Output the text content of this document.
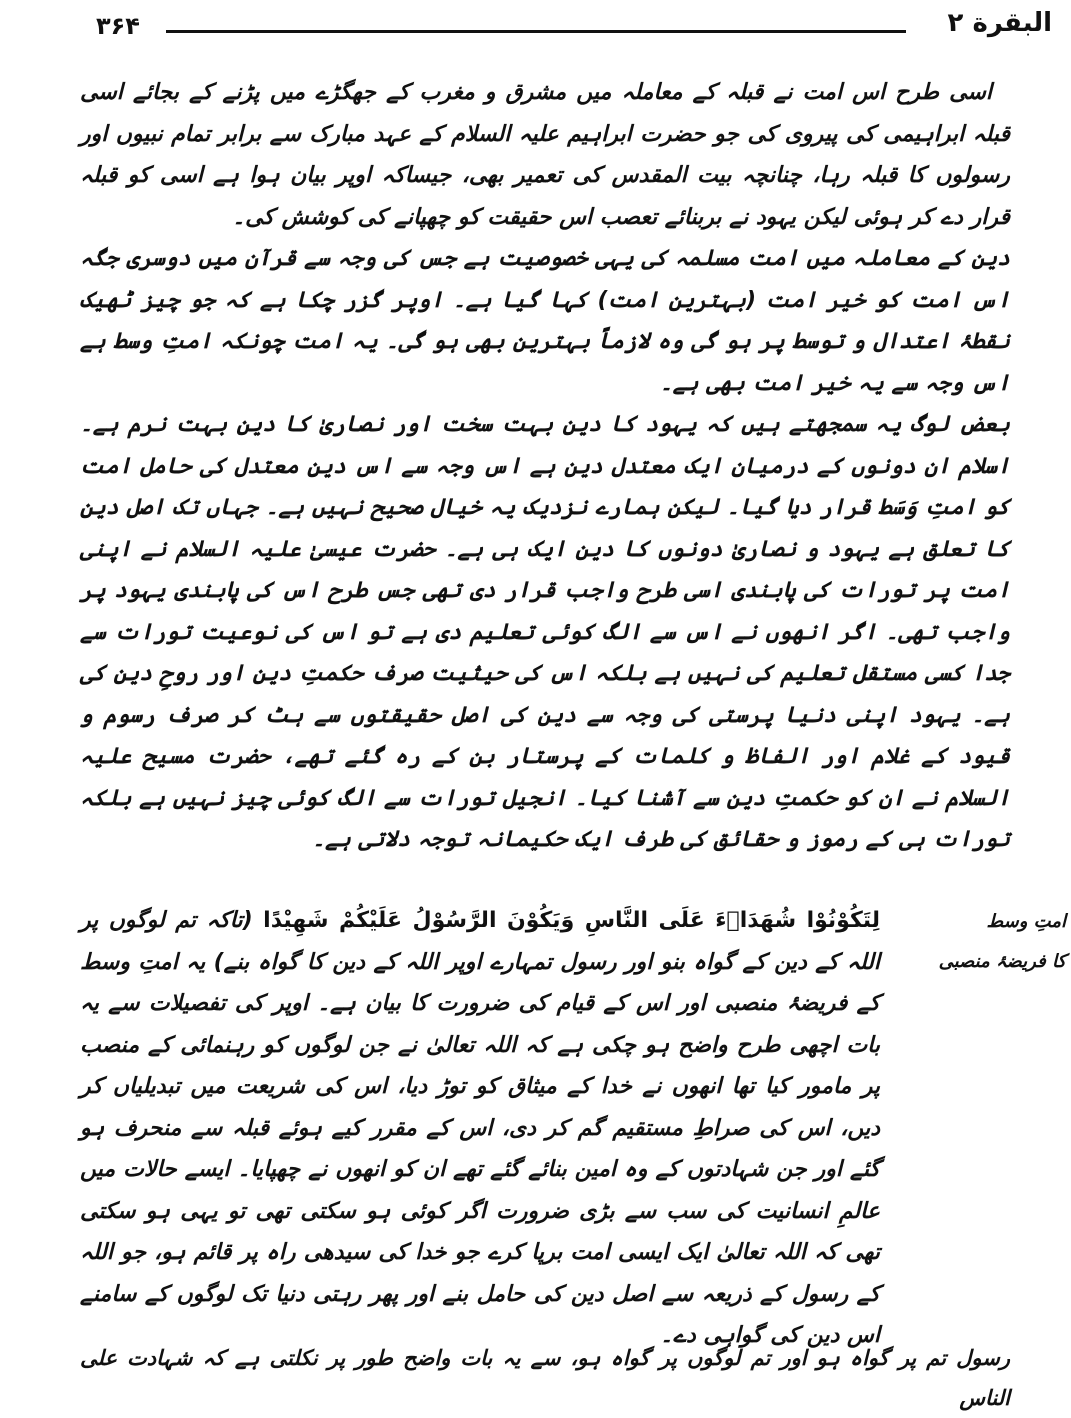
۳۶۴	البقرة ۲

اسی طرح اس امت نے قبلہ کے معاملہ میں مشرق و مغرب کے جھگڑے میں پڑنے کے بجائے اسی قبلہ ابراہیمی کی پیروی کی جو حضرت ابراہیم علیہ السلام کے عہد مبارک سے برابر تمام نبیوں اور رسولوں کا قبلہ رہا، چنانچہ بیت المقدس کی تعمیر بھی، جیساکہ اوپر بیان ہوا ہے اسی کو قبلہ قرار دے کر ہوئی لیکن یہود نے بربنائے تعصب اس حقیقت کو چھپانے کی کوشش کی۔

دین کے معاملہ میں امت مسلمہ کی یہی خصوصیت ہے جس کی وجہ سے قرآن میں دوسری جگہ اس امت کو خیر امت (بہترین امت) کہا گیا ہے۔ اوپر گزر چکا ہے کہ جو چیز ٹھیک نقطۂ اعتدال و توسط پر ہو گی وہ لازماً بہترین بھی ہو گی۔ یہ امت چونکہ امتِ وسط ہے اس وجہ سے یہ خیر امت بھی ہے۔

بعض لوگ یہ سمجھتے ہیں کہ یہود کا دین بہت سخت اور نصاریٰ کا دین بہت نرم ہے۔ اسلام ان دونوں کے درمیان ایک معتدل دین ہے اس وجہ سے اس دینِ معتدل کی حامل امت کو امتِ وَسَط قرار دیا گیا۔ لیکن ہمارے نزدیک یہ خیال صحیح نہیں ہے۔ جہاں تک اصل دین کا تعلق ہے یہود و نصاریٰ دونوں کا دین ایک ہی ہے۔ حضرت عیسیٰ علیہ السلام نے اپنی امت پر تورات کی پابندی اسی طرح واجب قرار دی تھی جس طرح اس کی پابندی یہود پر واجب تھی۔ اگر انھوں نے اس سے الگ کوئی تعلیم دی ہے تو اس کی نوعیت تورات سے جدا کسی مستقل تعلیم کی نہیں ہے بلکہ اس کی حیثیت صرف حکمتِ دین اور روحِ دین کی ہے۔ یہود اپنی دنیا پرستی کی وجہ سے دین کی اصل حقیقتوں سے ہٹ کر صرف رسوم و قیود کے غلام اور الفاظ و کلمات کے پرستار بن کے رہ گئے تھے، حضرت مسیح علیہ السلام نے ان کو حکمتِ دین سے آشنا کیا۔ انجیل تورات سے الگ کوئی چیز نہیں ہے بلکہ تورات ہی کے رموز و حقائق کی طرف ایک حکیمانہ توجہ دلاتی ہے۔

امتِ وسط
کا فریضۂ منصبی

لِتَكُوْنُوْا شُهَدَاۤءَ عَلَى النَّاسِ وَيَكُوْنَ الرَّسُوْلُ عَلَيْكُمْ شَهِيْدًا (تاکہ تم لوگوں پر اللہ کے دین کے گواہ بنو اور رسول تمہارے اوپر اللہ کے دین کا گواہ بنے) یہ امتِ وسط کے فریضۂ منصبی اور اس کے قیام کی ضرورت کا بیان ہے۔ اوپر کی تفصیلات سے یہ بات اچھی طرح واضح ہو چکی ہے کہ اللہ تعالیٰ نے جن لوگوں کو رہنمائی کے منصب پر مامور کیا تھا انھوں نے خدا کے میثاق کو توڑ دیا، اس کی شریعت میں تبدیلیاں کر دیں، اس کی صراطِ مستقیم گم کر دی، اس کے مقرر کیے ہوئے قبلہ سے منحرف ہو گئے اور جن شہادتوں کے وہ امین بنائے گئے تھے ان کو انھوں نے چھپایا۔ ایسے حالات میں عالمِ انسانیت کی سب سے بڑی ضرورت اگر کوئی ہو سکتی تھی تو یہی ہو سکتی تھی کہ اللہ تعالیٰ ایک ایسی امت برپا کرے جو خدا کی سیدھی راہ پر قائم ہو، جو اللہ کے رسول کے ذریعہ سے اصل دین کی حامل بنے اور پھر رہتی دنیا تک لوگوں کے سامنے اس دین کی گواہی دے۔

رسول تم پر گواہ ہو اور تم لوگوں پر گواہ ہو، سے یہ بات واضح طور پر نکلتی ہے کہ شہادت علی الناس
